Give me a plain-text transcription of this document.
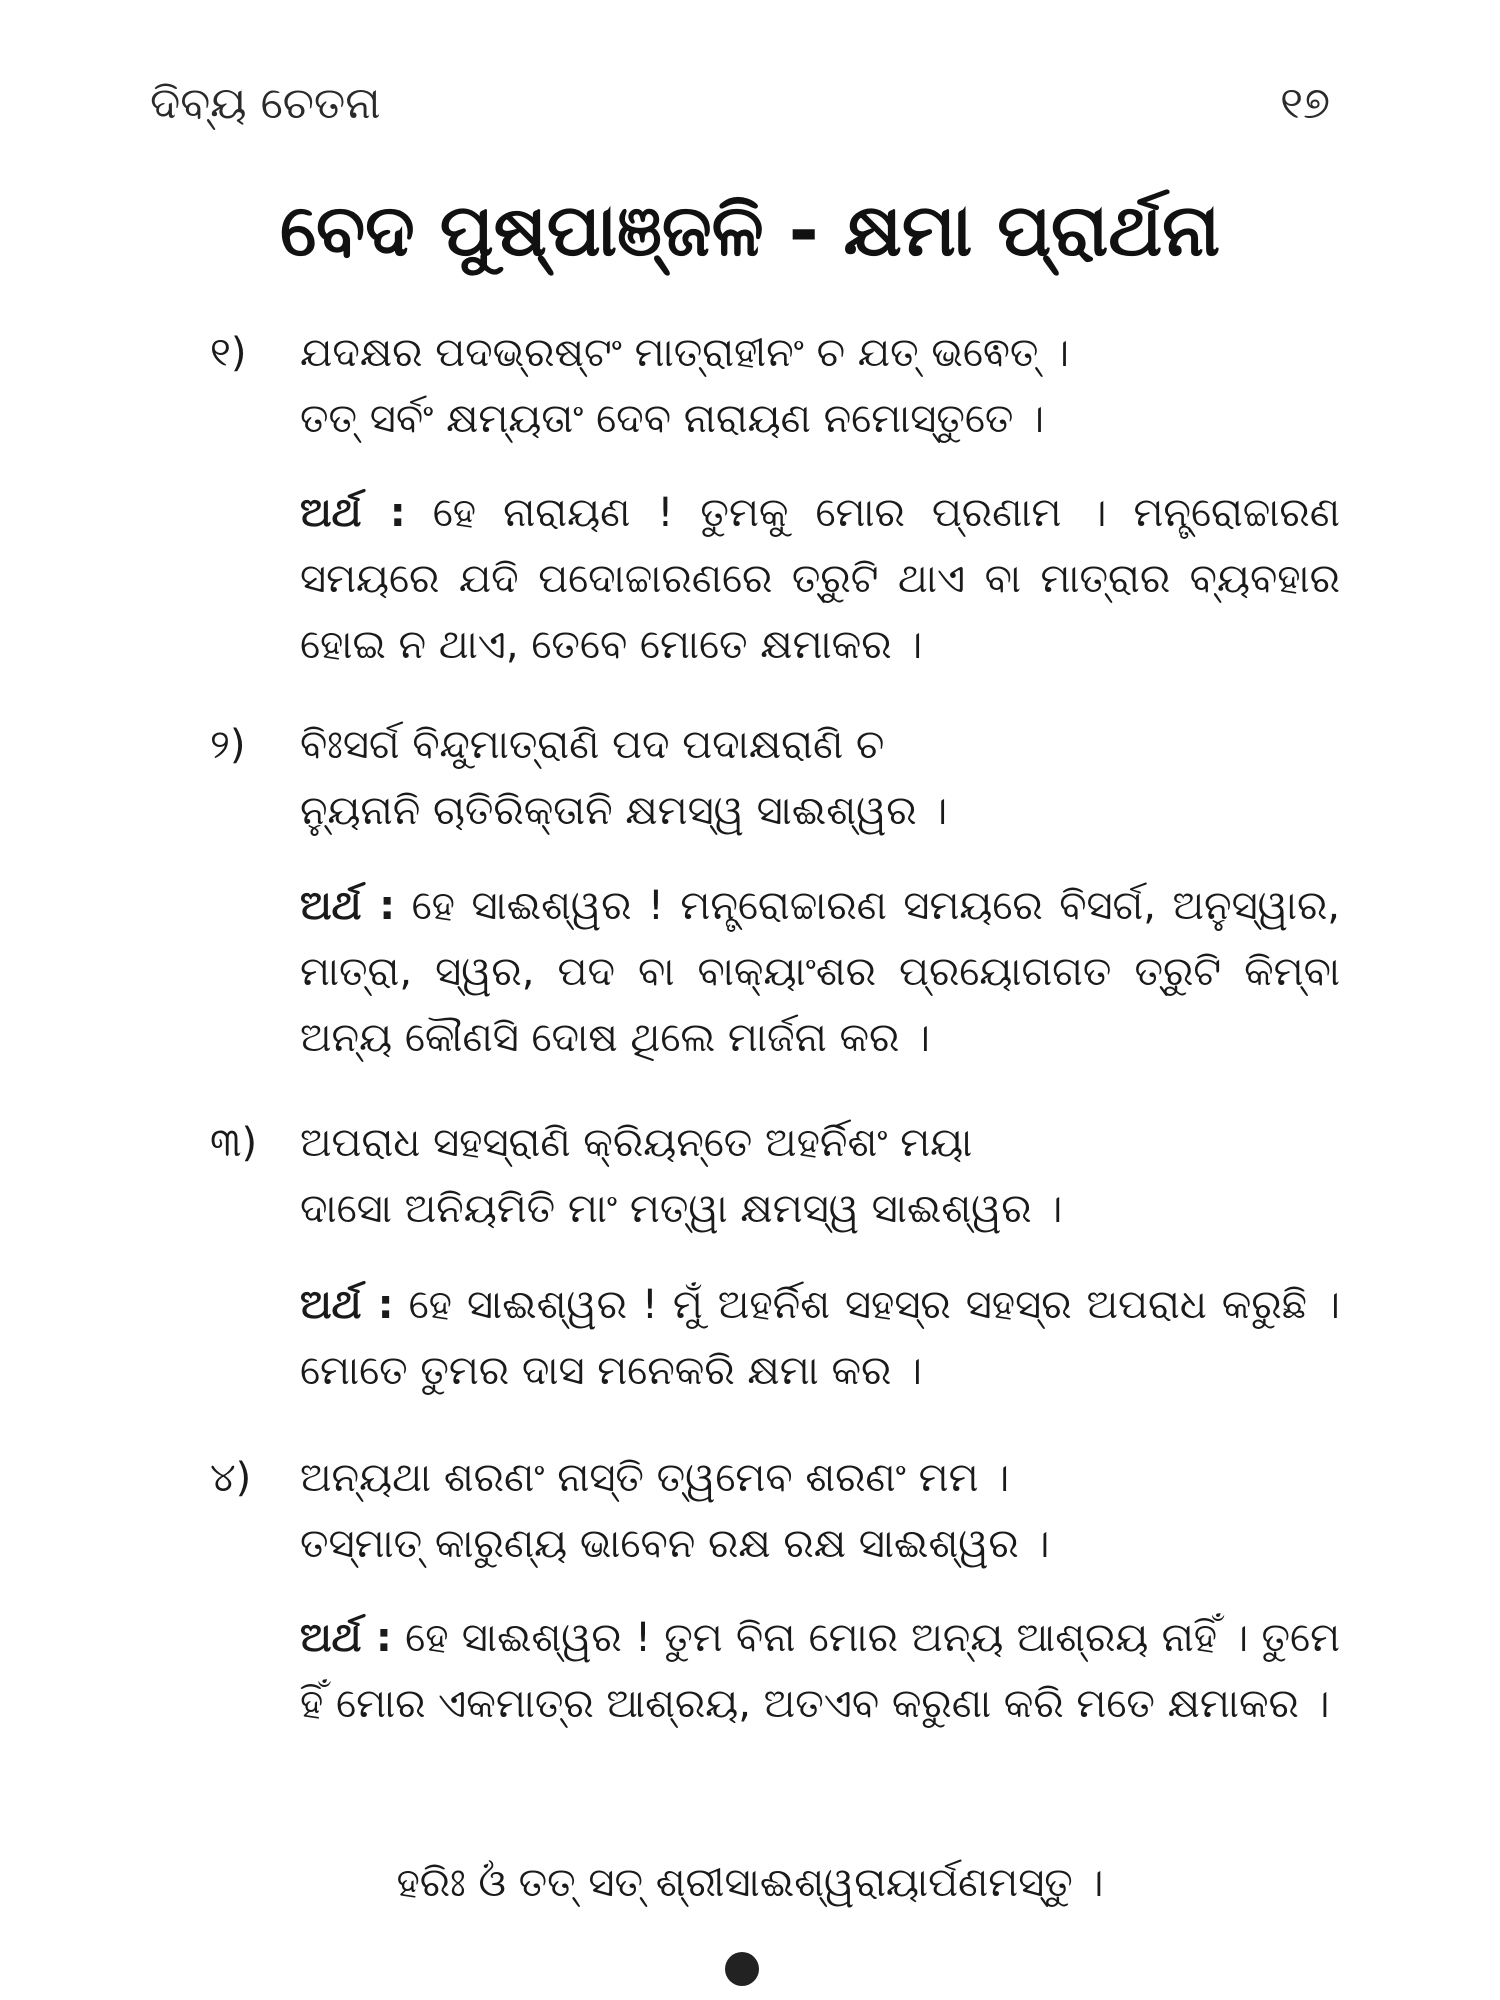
ଦିବ୍ୟ ଚେତନା	୧୭
ବେଦ ପୁଷ୍ପାଞ୍ଜଳି - କ୍ଷମା ପ୍ରାର୍ଥନା
୧)	ଯଦକ୍ଷର ପଦଭ୍ରଷ୍ଟଂ ମାତ୍ରାହୀନଂ ଚ ଯତ୍ ଭଵେତ୍ ।
ତତ୍ ସର୍ବଂ କ୍ଷମ୍ୟତାଂ ଦେବ ନାରାୟଣ ନମୋସ୍ତୁତେ ।
ଅର୍ଥ : ହେ ନାରାୟଣ ! ତୁମକୁ ମୋର ପ୍ରଣାମ । ମନ୍ତ୍ରୋଚ୍ଚାରଣ ସମୟରେ ଯଦି ପଦୋଚ୍ଚାରଣରେ ତ୍ରୁଟି ଥାଏ ବା ମାତ୍ରାର ବ୍ୟବହାର ହୋଇ ନ ଥାଏ, ତେବେ ମୋତେ କ୍ଷମାକର ।
୨)	ବିଃସର୍ଗ ବିନ୍ଦୁମାତ୍ରାଣି ପଦ ପଦାକ୍ଷରାଣି ଚ
ନ୍ୟୁନାନି ଚାତିରିକ୍ତାନି କ୍ଷମସ୍ୱ ସାଈଶ୍ୱର ।
ଅର୍ଥ : ହେ ସାଈଶ୍ୱର ! ମନ୍ତ୍ରୋଚ୍ଚାରଣ ସମୟରେ ବିସର୍ଗ, ଅନୁସ୍ୱାର, ମାତ୍ରା, ସ୍ୱର, ପଦ ବା ବାକ୍ୟାଂଶର ପ୍ରୟୋଗଗତ ତ୍ରୁଟି କିମ୍ବା ଅନ୍ୟ କୌଣସି ଦୋଷ ଥିଲେ ମାର୍ଜନା କର ।
୩)	ଅପରାଧ ସହସ୍ରାଣି କ୍ରିୟନ୍ତେ ଅହର୍ନିଶଂ ମୟା
ଦାସୋ ଅନିୟମିତି ମାଂ ମତ୍ୱା କ୍ଷମସ୍ୱ ସାଈଶ୍ୱର ।
ଅର୍ଥ : ହେ ସାଈଶ୍ୱର ! ମୁଁ ଅହର୍ନିଶ ସହସ୍ର ସହସ୍ର ଅପରାଧ କରୁଛି । ମୋତେ ତୁମର ଦାସ ମନେକରି କ୍ଷମା କର ।
୪)	ଅନ୍ୟଥା ଶରଣଂ ନାସ୍ତି ତ୍ୱମେବ ଶରଣଂ ମମ ।
ତସ୍ମାତ୍ କାରୁଣ୍ୟ ଭାବେନ ରକ୍ଷ ରକ୍ଷ ସାଈଶ୍ୱର ।
ଅର୍ଥ : ହେ ସାଈଶ୍ୱର ! ତୁମ ବିନା ମୋର ଅନ୍ୟ ଆଶ୍ରୟ ନାହିଁ । ତୁମେ ହିଁ ମୋର ଏକମାତ୍ର ଆଶ୍ରୟ, ଅତଏବ କରୁଣା କରି ମତେ କ୍ଷମାକର ।
ହରିଃ ଓଁ ତତ୍ ସତ୍ ଶ୍ରୀସାଈଶ୍ୱରାୟାର୍ପଣମସ୍ତୁ ।
